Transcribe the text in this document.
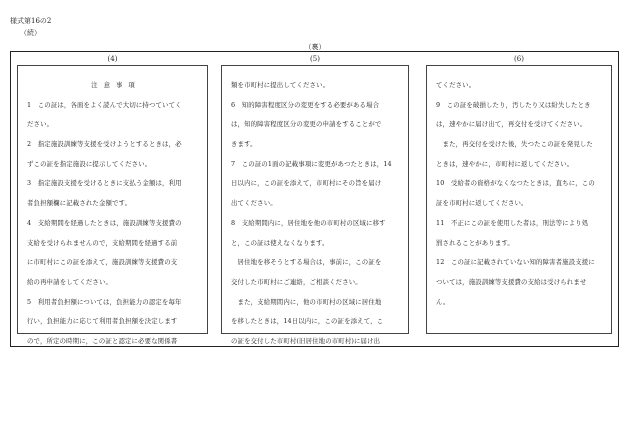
様式第16の2
（続）
（裏）
(4)
注 意 事 項
1　この証は，各面をよく読んで大切に持つていてく
ださい。
2　指定施設訓練等支援を受けようとするときは，必
ずこの証を指定施設に提示してください。
3　指定施設支援を受けるときに支払う金額は，利用
者負担額欄に記載された金額です。
4　支給期間を経過したときは，施設訓練等支援費の
支給を受けられませんので，支給期間を経過する前
に市町村にこの証を添えて，施設訓練等支援費の支
給の再申請をしてください。
5　利用者負担額については，負担能力の認定を毎年
行い，負担能力に応じて利用者負担額を決定します
ので，所定の時期に，この証と認定に必要な関係書
(5)
類を市町村に提出してください。
6　知的障害程度区分の変更をする必要がある場合
は，知的障害程度区分の変更の申請をすることがで
きます。
7　この証の1面の記載事項に変更があつたときは，14
日以内に，この証を添えて，市町村にその旨を届け
出てください。
8　支給期間内に，居住地を他の市町村の区域に移す
と，この証は使えなくなります。
　居住地を移そうとする場合は，事前に，この証を
交付した市町村にご連絡，ご相談ください。
　また，支給期間内に，他の市町村の区域に居住地
を移したときは，14日以内に，この証を添えて，こ
の証を交付した市町村(旧居住地の市町村)に届け出
(6)
てください。
9　この証を破損したり，汚したり又は紛失したとき
は，速やかに届け出て，再交付を受けてください。
　また，再交付を受けた後，失つたこの証を発見した
ときは，速やかに，市町村に返してください。
10　受給者の資格がなくなつたときは，直ちに，この
証を市町村に返してください。
11　不正にこの証を使用した者は，刑法等により処
罰されることがあります。
12　この証に記載されていない知的障害者施設支援に
ついては，施設訓練等支援費の支給は受けられませ
ん。
